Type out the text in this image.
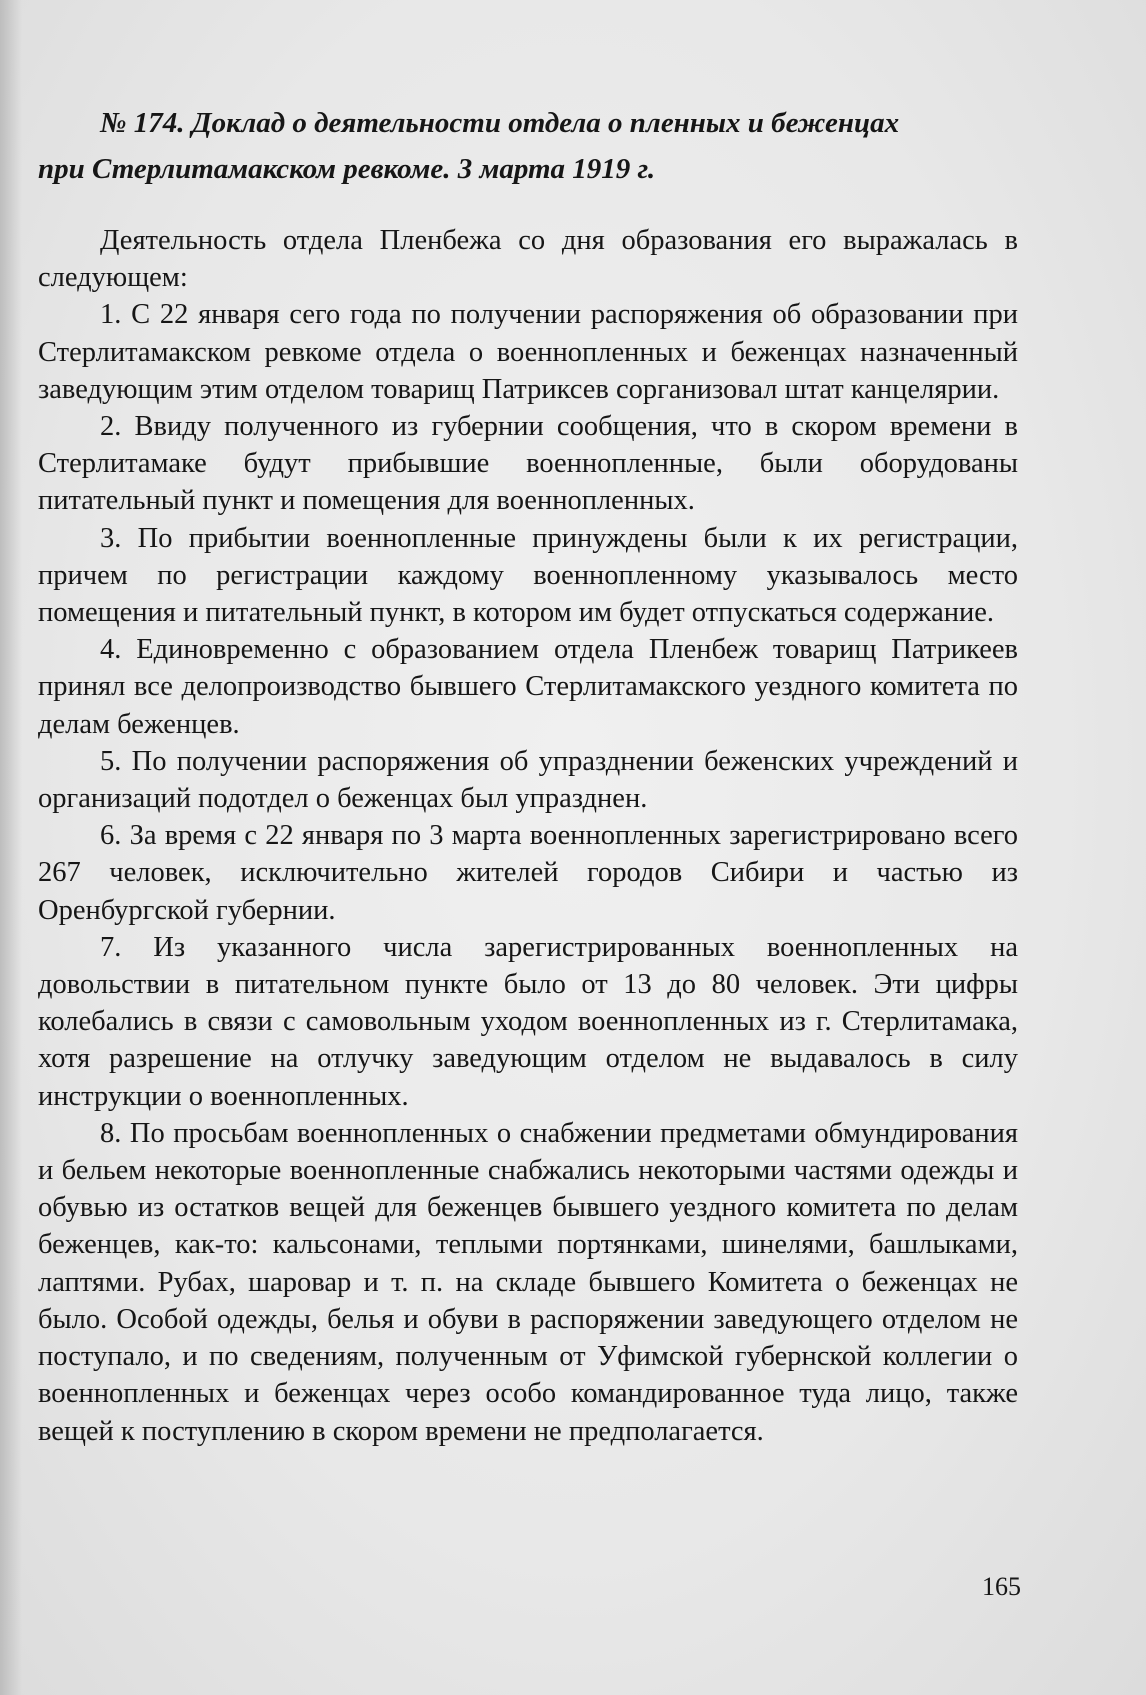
№ 174. Доклад о деятельности отдела о пленных и беженцах
при Стерлитамакском ревкоме. 3 марта 1919 г.

Деятельность отдела Пленбежа со дня образования его выражалась в следующем:

1. С 22 января сего года по получении распоряжения об образовании при Стерлитамакском ревкоме отдела о военнопленных и беженцах назначенный заведующим этим отделом товарищ Патриксев сорганизовал штат канцелярии.

2. Ввиду полученного из губернии сообщения, что в скором времени в Стерлитамаке будут прибывшие военнопленные, были оборудованы питательный пункт и помещения для военнопленных.

3. По прибытии военнопленные принуждены были к их регистрации, причем по регистрации каждому военнопленному указывалось место помещения и питательный пункт, в котором им будет отпускаться содержание.

4. Единовременно с образованием отдела Пленбеж товарищ Патрикеев принял все делопроизводство бывшего Стерлитамакского уездного комитета по делам беженцев.

5. По получении распоряжения об упразднении беженских учреждений и организаций подотдел о беженцах был упразднен.

6. За время с 22 января по 3 марта военнопленных зарегистрировано всего 267 человек, исключительно жителей городов Сибири и частью из Оренбургской губернии.

7. Из указанного числа зарегистрированных военнопленных на довольствии в питательном пункте было от 13 до 80 человек. Эти цифры колебались в связи с самовольным уходом военнопленных из г. Стерлитамака, хотя разрешение на отлучку заведующим отделом не выдавалось в силу инструкции о военнопленных.

8. По просьбам военнопленных о снабжении предметами обмундирования и бельем некоторые военнопленные снабжались некоторыми частями одежды и обувью из остатков вещей для беженцев бывшего уездного комитета по делам беженцев, как-то: кальсонами, теплыми портянками, шинелями, башлыками, лаптями. Рубах, шаровар и т. п. на складе бывшего Комитета о беженцах не было. Особой одежды, белья и обуви в распоряжении заведующего отделом не поступало, и по сведениям, полученным от Уфимской губернской коллегии о военнопленных и беженцах через особо командированное туда лицо, также вещей к поступлению в скором времени не предполагается.

165
